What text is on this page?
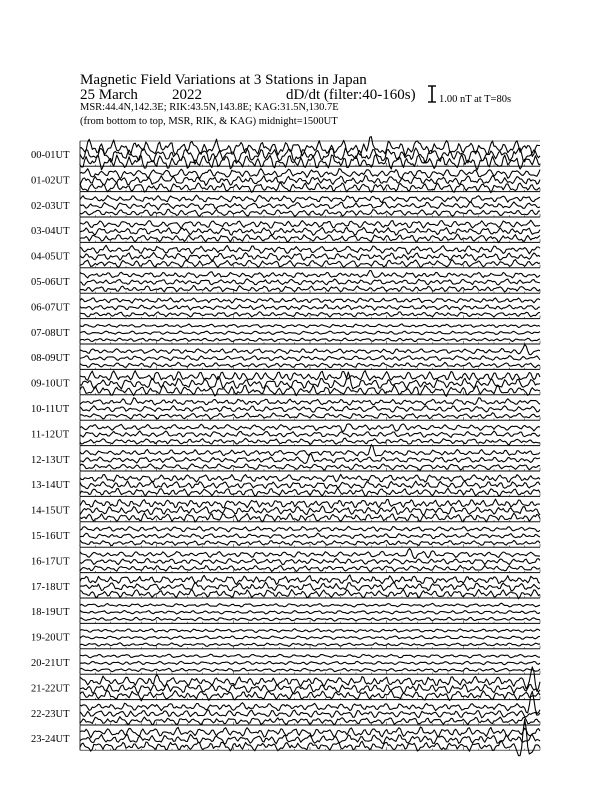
Magnetic Field Variations at 3 Stations in Japan
25 March 2022	dD/dt (filter:40-160s)
MSR:44.4N,142.3E; RIK:43.5N,143.8E; KAG:31.5N,130.7E
(from bottom to top, MSR, RIK, & KAG) midnight=1500UT
1.00 nT at T=80s
00-01UT
01-02UT
02-03UT
03-04UT
04-05UT
05-06UT
06-07UT
07-08UT
08-09UT
09-10UT
10-11UT
11-12UT
12-13UT
13-14UT
14-15UT
15-16UT
16-17UT
17-18UT
18-19UT
19-20UT
20-21UT
21-22UT
22-23UT
23-24UT
